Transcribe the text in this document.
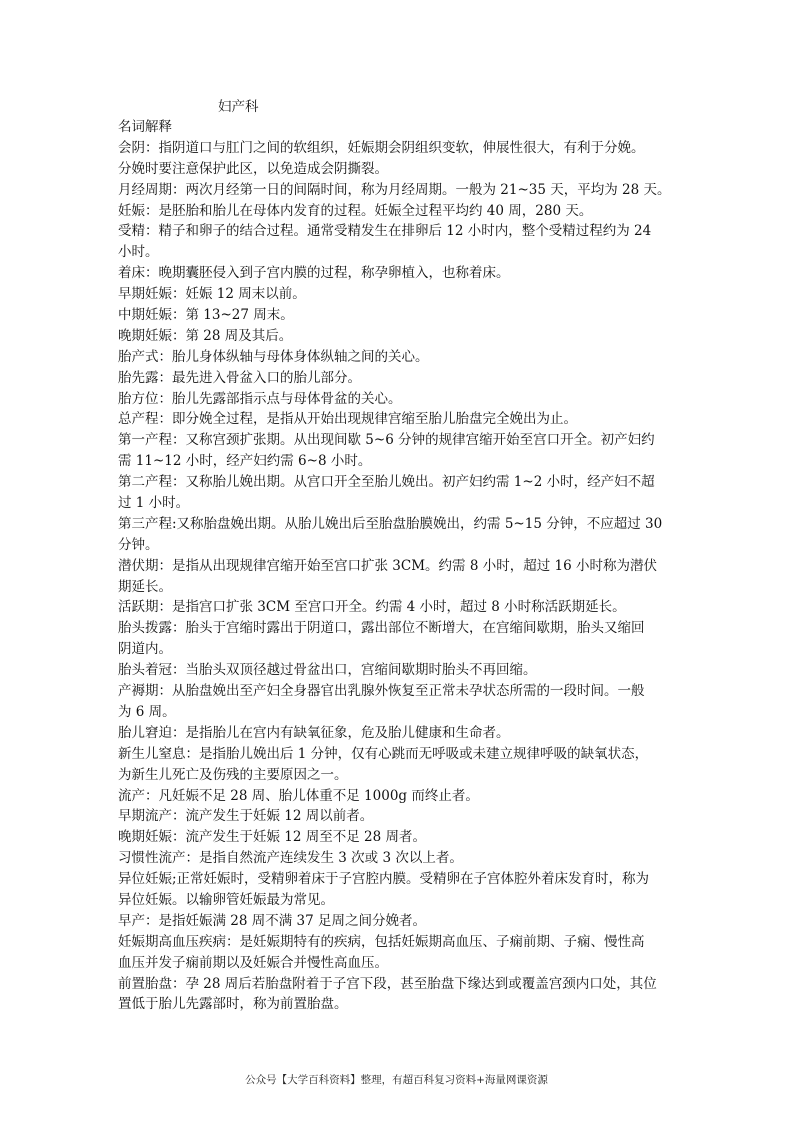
妇产科
名词解释
会阴：指阴道口与肛门之间的软组织，妊娠期会阴组织变软，伸展性很大，有利于分娩。
分娩时要注意保护此区，以免造成会阴撕裂。
月经周期：两次月经第一日的间隔时间，称为月经周期。一般为 21~35 天，平均为 28 天。
妊娠：是胚胎和胎儿在母体内发育的过程。妊娠全过程平均约 40 周，280 天。
受精：精子和卵子的结合过程。通常受精发生在排卵后 12 小时内，整个受精过程约为 24
小时。
着床：晚期囊胚侵入到子宫内膜的过程，称孕卵植入，也称着床。
早期妊娠：妊娠 12 周末以前。
中期妊娠：第 13~27 周末。
晚期妊娠：第 28 周及其后。
胎产式：胎儿身体纵轴与母体身体纵轴之间的关心。
胎先露：最先进入骨盆入口的胎儿部分。
胎方位：胎儿先露部指示点与母体骨盆的关心。
总产程：即分娩全过程，是指从开始出现规律宫缩至胎儿胎盘完全娩出为止。
第一产程：又称宫颈扩张期。从出现间歇 5~6 分钟的规律宫缩开始至宫口开全。初产妇约
需 11~12 小时，经产妇约需 6~8 小时。
第二产程：又称胎儿娩出期。从宫口开全至胎儿娩出。初产妇约需 1~2 小时，经产妇不超
过 1 小时。
第三产程:又称胎盘娩出期。从胎儿娩出后至胎盘胎膜娩出，约需 5~15 分钟，不应超过 30
分钟。
潜伏期：是指从出现规律宫缩开始至宫口扩张 3CM。约需 8 小时，超过 16 小时称为潜伏
期延长。
活跃期：是指宫口扩张 3CM 至宫口开全。约需 4 小时，超过 8 小时称活跃期延长。
胎头拨露：胎头于宫缩时露出于阴道口，露出部位不断增大，在宫缩间歇期，胎头又缩回
阴道内。
胎头着冠：当胎头双顶径越过骨盆出口，宫缩间歇期时胎头不再回缩。
产褥期：从胎盘娩出至产妇全身器官出乳腺外恢复至正常未孕状态所需的一段时间。一般
为 6 周。
胎儿窘迫：是指胎儿在宫内有缺氧征象，危及胎儿健康和生命者。
新生儿窒息：是指胎儿娩出后 1 分钟，仅有心跳而无呼吸或未建立规律呼吸的缺氧状态，
为新生儿死亡及伤残的主要原因之一。
流产：凡妊娠不足 28 周、胎儿体重不足 1000g 而终止者。
早期流产：流产发生于妊娠 12 周以前者。
晚期妊娠：流产发生于妊娠 12 周至不足 28 周者。
习惯性流产：是指自然流产连续发生 3 次或 3 次以上者。
异位妊娠;正常妊娠时，受精卵着床于子宫腔内膜。受精卵在子宫体腔外着床发育时，称为
异位妊娠。以输卵管妊娠最为常见。
早产：是指妊娠满 28 周不满 37 足周之间分娩者。
妊娠期高血压疾病：是妊娠期特有的疾病，包括妊娠期高血压、子痫前期、子痫、慢性高
血压并发子痫前期以及妊娠合并慢性高血压。
前置胎盘：孕 28 周后若胎盘附着于子宫下段，甚至胎盘下缘达到或覆盖宫颈内口处，其位
置低于胎儿先露部时，称为前置胎盘。
公众号【大学百科资料】整理，有超百科复习资料+海量网课资源
